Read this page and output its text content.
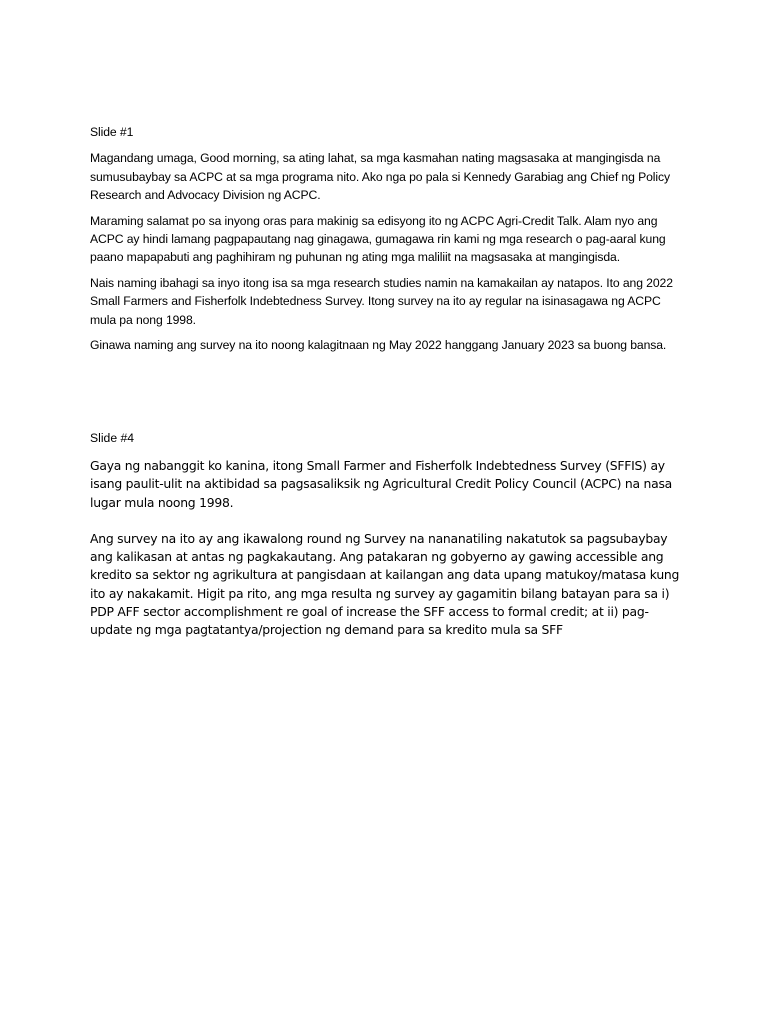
Slide #1

Magandang umaga, Good morning, sa ating lahat, sa mga kasmahan nating magsasaka at mangingisda na sumusubaybay sa ACPC at sa mga programa nito. Ako nga po pala si Kennedy Garabiag ang Chief ng Policy Research and Advocacy Division ng ACPC.

Maraming salamat po sa inyong oras para makinig sa edisyong ito ng ACPC Agri-Credit Talk. Alam nyo ang ACPC ay hindi lamang pagpapautang nag ginagawa, gumagawa rin kami ng mga research o pag-aaral kung paano mapapabuti ang paghihiram ng puhunan ng ating mga maliliit na magsasaka at mangingisda.

Nais naming ibahagi sa inyo itong isa sa mga research studies namin na kamakailan ay natapos. Ito ang 2022 Small Farmers and Fisherfolk Indebtedness Survey. Itong survey na ito ay regular na isinasagawa ng ACPC mula pa nong 1998.

Ginawa naming ang survey na ito noong kalagitnaan ng May 2022 hanggang January 2023 sa buong bansa.

Slide #4

Gaya ng nabanggit ko kanina, itong Small Farmer and Fisherfolk Indebtedness Survey (SFFIS) ay isang paulit-ulit na aktibidad sa pagsasaliksik ng Agricultural Credit Policy Council (ACPC) na nasa lugar mula noong 1998.

Ang survey na ito ay ang ikawalong round ng Survey na nananatiling nakatutok sa pagsubaybay ang kalikasan at antas ng pagkakautang. Ang patakaran ng gobyerno ay gawing accessible ang kredito sa sektor ng agrikultura at pangisdaan at kailangan ang data upang matukoy/matasa kung ito ay nakakamit. Higit pa rito, ang mga resulta ng survey ay gagamitin bilang batayan para sa i) PDP AFF sector accomplishment re goal of increase the SFF access to formal credit; at ii) pag-update ng mga pagtatantya/projection ng demand para sa kredito mula sa SFF
